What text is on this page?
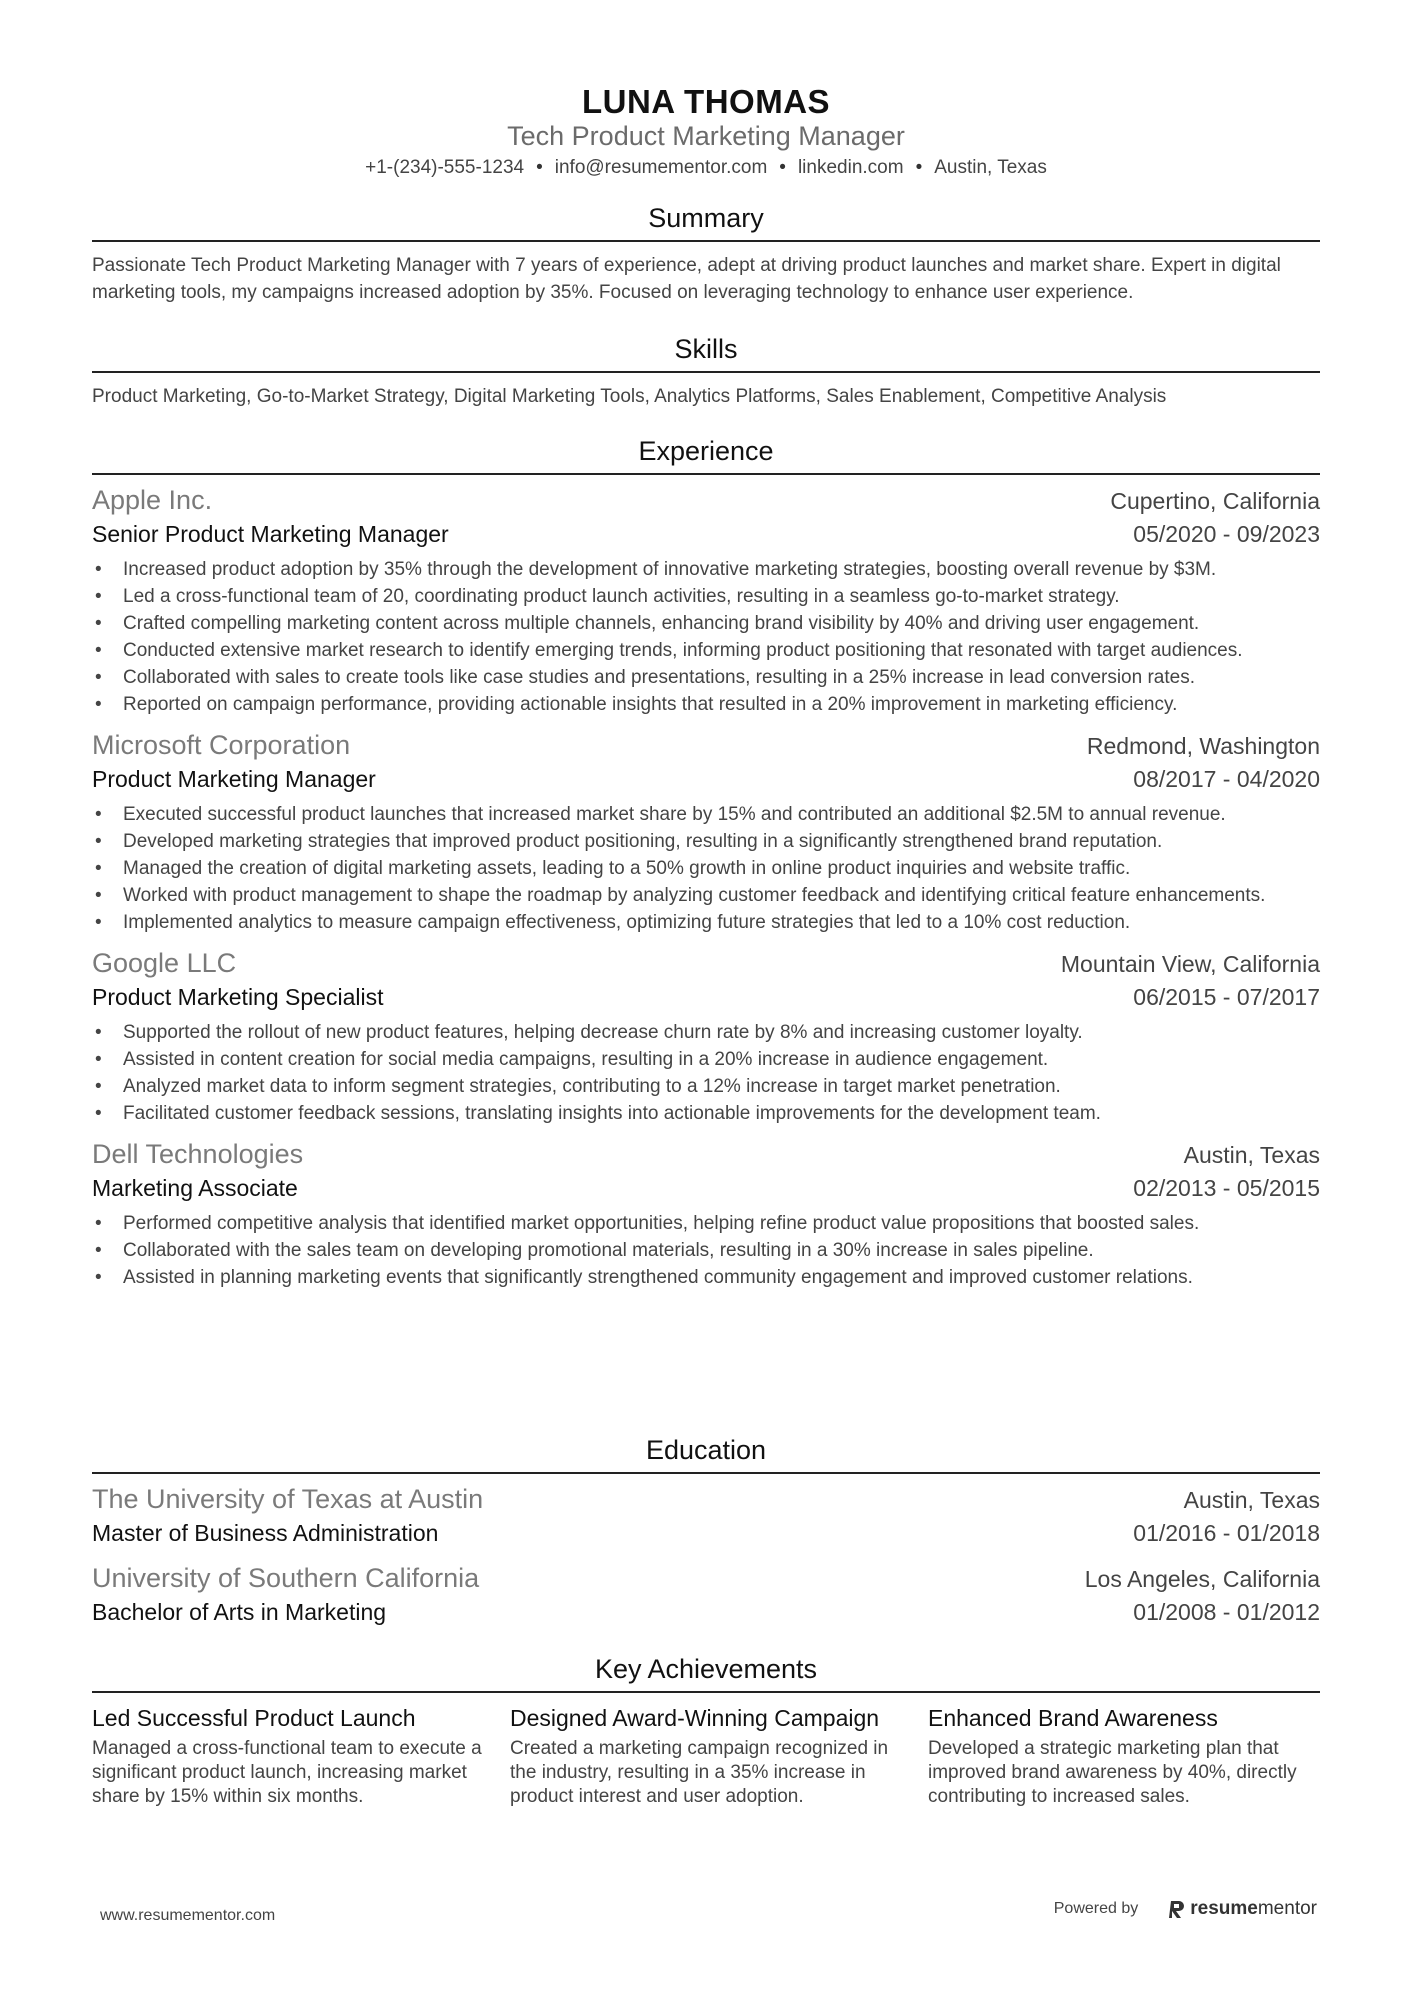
LUNA THOMAS
Tech Product Marketing Manager
+1-(234)-555-1234 • info@resumementor.com • linkedin.com • Austin, Texas
Summary
Passionate Tech Product Marketing Manager with 7 years of experience, adept at driving product launches and market share. Expert in digital marketing tools, my campaigns increased adoption by 35%. Focused on leveraging technology to enhance user experience.
Skills
Product Marketing, Go-to-Market Strategy, Digital Marketing Tools, Analytics Platforms, Sales Enablement, Competitive Analysis
Experience
Apple Inc.	Cupertino, California
Senior Product Marketing Manager	05/2020 - 09/2023
• Increased product adoption by 35% through the development of innovative marketing strategies, boosting overall revenue by $3M.
• Led a cross-functional team of 20, coordinating product launch activities, resulting in a seamless go-to-market strategy.
• Crafted compelling marketing content across multiple channels, enhancing brand visibility by 40% and driving user engagement.
• Conducted extensive market research to identify emerging trends, informing product positioning that resonated with target audiences.
• Collaborated with sales to create tools like case studies and presentations, resulting in a 25% increase in lead conversion rates.
• Reported on campaign performance, providing actionable insights that resulted in a 20% improvement in marketing efficiency.
Microsoft Corporation	Redmond, Washington
Product Marketing Manager	08/2017 - 04/2020
• Executed successful product launches that increased market share by 15% and contributed an additional $2.5M to annual revenue.
• Developed marketing strategies that improved product positioning, resulting in a significantly strengthened brand reputation.
• Managed the creation of digital marketing assets, leading to a 50% growth in online product inquiries and website traffic.
• Worked with product management to shape the roadmap by analyzing customer feedback and identifying critical feature enhancements.
• Implemented analytics to measure campaign effectiveness, optimizing future strategies that led to a 10% cost reduction.
Google LLC	Mountain View, California
Product Marketing Specialist	06/2015 - 07/2017
• Supported the rollout of new product features, helping decrease churn rate by 8% and increasing customer loyalty.
• Assisted in content creation for social media campaigns, resulting in a 20% increase in audience engagement.
• Analyzed market data to inform segment strategies, contributing to a 12% increase in target market penetration.
• Facilitated customer feedback sessions, translating insights into actionable improvements for the development team.
Dell Technologies	Austin, Texas
Marketing Associate	02/2013 - 05/2015
• Performed competitive analysis that identified market opportunities, helping refine product value propositions that boosted sales.
• Collaborated with the sales team on developing promotional materials, resulting in a 30% increase in sales pipeline.
• Assisted in planning marketing events that significantly strengthened community engagement and improved customer relations.
Education
The University of Texas at Austin	Austin, Texas
Master of Business Administration	01/2016 - 01/2018
University of Southern California	Los Angeles, California
Bachelor of Arts in Marketing	01/2008 - 01/2012
Key Achievements
Led Successful Product Launch
Managed a cross-functional team to execute a significant product launch, increasing market share by 15% within six months.
Designed Award-Winning Campaign
Created a marketing campaign recognized in the industry, resulting in a 35% increase in product interest and user adoption.
Enhanced Brand Awareness
Developed a strategic marketing plan that improved brand awareness by 40%, directly contributing to increased sales.
www.resumementor.com	Powered by	resume mentor
